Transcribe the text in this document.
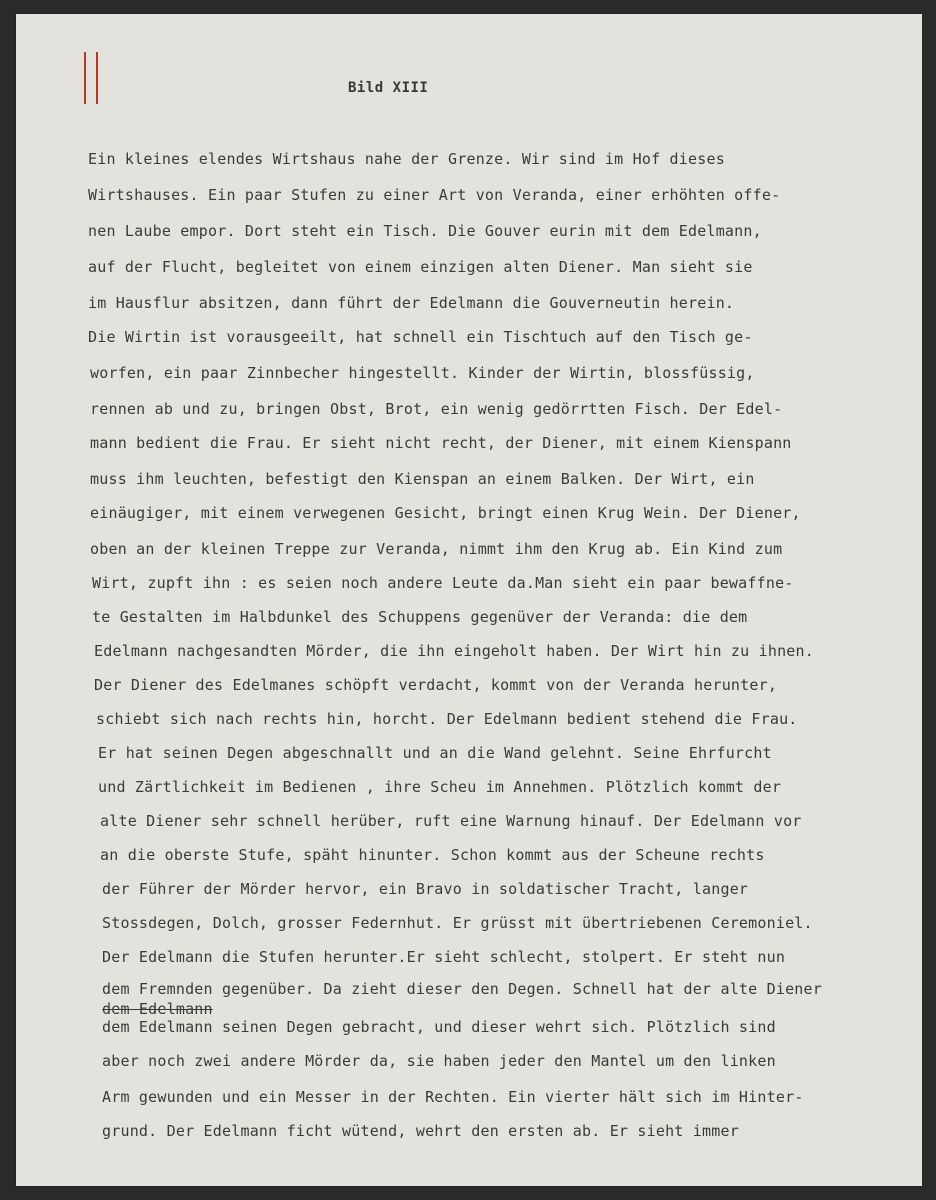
Bild XIII
Ein kleines elendes Wirtshaus nahe der Grenze. Wir sind im Hof dieses
Wirtshauses. Ein paar Stufen zu einer Art von Veranda, einer erhöhten offe-
nen Laube empor. Dort steht ein Tisch. Die Gouver eurin mit dem Edelmann,
auf der Flucht, begleitet von einem einzigen alten Diener. Man sieht sie
im Hausflur absitzen, dann führt der Edelmann die Gouverneutin herein.
Die Wirtin ist vorausgeeilt, hat schnell ein Tischtuch auf den Tisch ge-
worfen, ein paar Zinnbecher hingestellt. Kinder der Wirtin, blossfüssig,
rennen ab und zu, bringen Obst, Brot, ein wenig gedörrtten Fisch. Der Edel-
mann bedient die Frau. Er sieht nicht recht, der Diener, mit einem Kienspann
muss ihm leuchten, befestigt den Kienspan an einem Balken. Der Wirt, ein
einäugiger, mit einem verwegenen Gesicht, bringt einen Krug Wein. Der Diener,
oben an der kleinen Treppe zur Veranda, nimmt ihm den Krug ab. Ein Kind zum
Wirt, zupft ihn : es seien noch andere Leute da.Man sieht ein paar bewaffne-
te Gestalten im Halbdunkel des Schuppens gegenüver der Veranda: die dem
Edelmann nachgesandten Mörder, die ihn eingeholt haben. Der Wirt hin zu ihnen.
Der Diener des Edelmanes schöpft verdacht, kommt von der Veranda herunter,
schiebt sich nach rechts hin, horcht. Der Edelmann bedient stehend die Frau.
Er hat seinen Degen abgeschnallt und an die Wand gelehnt. Seine Ehrfurcht
und Zärtlichkeit im Bedienen , ihre Scheu im Annehmen. Plötzlich kommt der
alte Diener sehr schnell herüber, ruft eine Warnung hinauf. Der Edelmann vor
an die oberste Stufe, späht hinunter. Schon kommt aus der Scheune rechts
der Führer der Mörder hervor, ein Bravo in soldatischer Tracht, langer
Stossdegen, Dolch, grosser Federnhut. Er grüsst mit übertriebenen Ceremoniel.
Der Edelmann die Stufen herunter.Er sieht schlecht, stolpert. Er steht nun
dem Fremnden gegenüber. Da zieht dieser den Degen. Schnell hat der alte Diener
dem Edelmann
dem Edelmann seinen Degen gebracht, und dieser wehrt sich. Plötzlich sind
aber noch zwei andere Mörder da, sie haben jeder den Mantel um den linken
Arm gewunden und ein Messer in der Rechten. Ein vierter hält sich im Hinter-
grund. Der Edelmann ficht wütend, wehrt den ersten ab. Er sieht immer
